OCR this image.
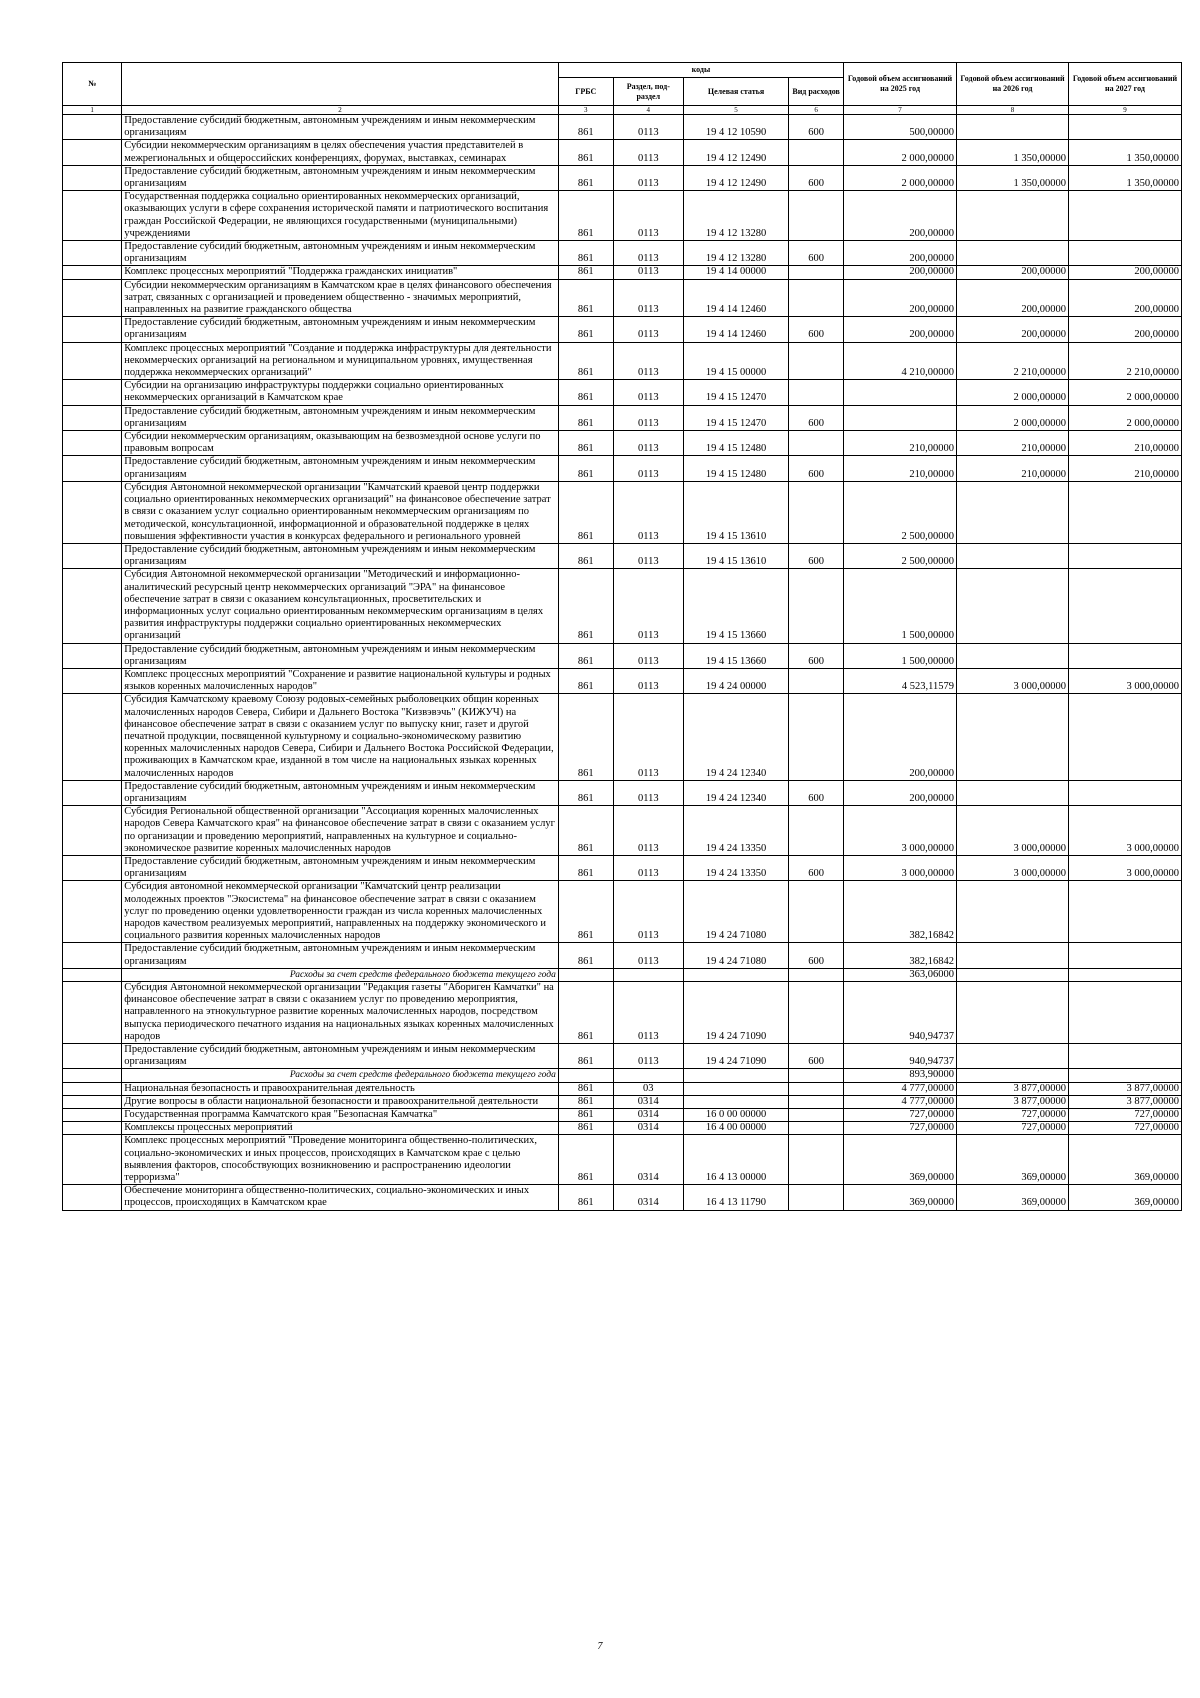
№		коды				Годовой объем ассигнований на 2025 год	Годовой объем ассигнований на 2026 год	Годовой объем ассигнований на 2027 год
		ГРБС	Раздел, под-раздел	Целевая статья	Вид расходов			
1	2	3	4	5	6	7	8	9
	Предоставление субсидий бюджетным, автономным учреждениям и иным некоммерческим организациям	861	0113	19 4 12 10590	600	500,00000		
	Субсидии некоммерческим организациям в целях обеспечения участия представителей в межрегиональных и общероссийских конференциях, форумах, выставках, семинарах	861	0113	19 4 12 12490		2 000,00000	1 350,00000	1 350,00000
	Предоставление субсидий бюджетным, автономным учреждениям и иным некоммерческим организациям	861	0113	19 4 12 12490	600	2 000,00000	1 350,00000	1 350,00000
	Государственная поддержка социально ориентированных некоммерческих организаций, оказывающих услуги в сфере сохранения исторической памяти и патриотического воспитания граждан Российской Федерации, не являющихся государственными (муниципальными) учреждениями	861	0113	19 4 12 13280		200,00000		
	Предоставление субсидий бюджетным, автономным учреждениям и иным некоммерческим организациям	861	0113	19 4 12 13280	600	200,00000		
	Комплекс процессных мероприятий "Поддержка гражданских инициатив"	861	0113	19 4 14 00000		200,00000	200,00000	200,00000
	Субсидии некоммерческим организациям в Камчатском крае в целях финансового обеспечения затрат, связанных с организацией и проведением общественно - значимых мероприятий, направленных на развитие гражданского общества	861	0113	19 4 14 12460		200,00000	200,00000	200,00000
	Предоставление субсидий бюджетным, автономным учреждениям и иным некоммерческим организациям	861	0113	19 4 14 12460	600	200,00000	200,00000	200,00000
	Комплекс процессных мероприятий "Создание и поддержка инфраструктуры для деятельности некоммерческих организаций на региональном и муниципальном уровнях, имущественная поддержка некоммерческих организаций"	861	0113	19 4 15 00000		4 210,00000	2 210,00000	2 210,00000
	Субсидии на организацию инфраструктуры поддержки социально ориентированных некоммерческих организаций в Камчатском крае	861	0113	19 4 15 12470			2 000,00000	2 000,00000
	Предоставление субсидий бюджетным, автономным учреждениям и иным некоммерческим организациям	861	0113	19 4 15 12470	600		2 000,00000	2 000,00000
	Субсидии некоммерческим организациям, оказывающим на безвозмездной основе услуги по правовым вопросам	861	0113	19 4 15 12480		210,00000	210,00000	210,00000
	Предоставление субсидий бюджетным, автономным учреждениям и иным некоммерческим организациям	861	0113	19 4 15 12480	600	210,00000	210,00000	210,00000
	Субсидия Автономной некоммерческой организации "Камчатский краевой центр поддержки социально ориентированных некоммерческих организаций" на финансовое обеспечение затрат в связи с оказанием услуг социально ориентированным некоммерческим организациям по методической, консультационной, информационной и образовательной поддержке в целях повышения эффективности участия в конкурсах федерального и регионального уровней	861	0113	19 4 15 13610		2 500,00000		
	Предоставление субсидий бюджетным, автономным учреждениям и иным некоммерческим организациям	861	0113	19 4 15 13610	600	2 500,00000		
	Субсидия Автономной некоммерческой организации "Методический и информационно-аналитический ресурсный центр некоммерческих организаций "ЭРА" на финансовое обеспечение затрат в связи с оказанием консультационных, просветительских и информационных услуг социально ориентированным некоммерческим организациям в целях развития инфраструктуры поддержки социально ориентированных некоммерческих организаций	861	0113	19 4 15 13660		1 500,00000		
	Предоставление субсидий бюджетным, автономным учреждениям и иным некоммерческим организациям	861	0113	19 4 15 13660	600	1 500,00000		
	Комплекс процессных мероприятий "Сохранение и развитие национальной культуры и родных языков коренных малочисленных народов"	861	0113	19 4 24 00000		4 523,11579	3 000,00000	3 000,00000
	Субсидия Камчатскому краевому Союзу родовых-семейных рыболовецких общин коренных малочисленных народов Севера, Сибири и Дальнего Востока "Кизвэвэчь" (КИЖУЧ) на финансовое обеспечение затрат в связи с оказанием услуг по выпуску книг, газет и другой печатной продукции, посвященной культурному и социально-экономическому развитию коренных малочисленных народов Севера, Сибири и Дальнего Востока Российской Федерации, проживающих в Камчатском крае, изданной в том числе на национальных языках коренных малочисленных народов	861	0113	19 4 24 12340		200,00000		
	Предоставление субсидий бюджетным, автономным учреждениям и иным некоммерческим организациям	861	0113	19 4 24 12340	600	200,00000		
	Субсидия Региональной общественной организации "Ассоциация коренных малочисленных народов Севера Камчатского края" на финансовое обеспечение затрат в связи с оказанием услуг по организации и проведению мероприятий, направленных на культурное и социально-экономическое развитие коренных малочисленных народов	861	0113	19 4 24 13350		3 000,00000	3 000,00000	3 000,00000
	Предоставление субсидий бюджетным, автономным учреждениям и иным некоммерческим организациям	861	0113	19 4 24 13350	600	3 000,00000	3 000,00000	3 000,00000
	Субсидия автономной некоммерческой организации "Камчатский центр реализации молодежных проектов "Экосистема" на финансовое обеспечение затрат в связи с оказанием услуг по проведению оценки удовлетворенности граждан из числа коренных малочисленных народов качеством реализуемых мероприятий, направленных на поддержку экономического и социального развития коренных малочисленных народов	861	0113	19 4 24 71080		382,16842		
	Предоставление субсидий бюджетным, автономным учреждениям и иным некоммерческим организациям	861	0113	19 4 24 71080	600	382,16842		
	Расходы за счет средств федерального бюджета текущего года					363,06000		
	Субсидия Автономной некоммерческой организации "Редакция газеты "Абориген Камчатки" на финансовое обеспечение затрат в связи с оказанием услуг по проведению мероприятия, направленного на этнокультурное развитие коренных малочисленных народов, посредством выпуска периодического печатного издания на национальных языках коренных малочисленных народов	861	0113	19 4 24 71090		940,94737		
	Предоставление субсидий бюджетным, автономным учреждениям и иным некоммерческим организациям	861	0113	19 4 24 71090	600	940,94737		
	Расходы за счет средств федерального бюджета текущего года					893,90000		
	Национальная безопасность и правоохранительная деятельность	861	03			4 777,00000	3 877,00000	3 877,00000
	Другие вопросы в области национальной безопасности и правоохранительной деятельности	861	0314			4 777,00000	3 877,00000	3 877,00000
	Государственная программа Камчатского края "Безопасная Камчатка"	861	0314	16 0 00 00000		727,00000	727,00000	727,00000
	Комплексы процессных мероприятий	861	0314	16 4 00 00000		727,00000	727,00000	727,00000
	Комплекс процессных мероприятий "Проведение мониторинга общественно-политических, социально-экономических и иных процессов, происходящих в Камчатском крае с целью выявления факторов, способствующих возникновению и распространению идеологии терроризма"	861	0314	16 4 13 00000		369,00000	369,00000	369,00000
	Обеспечение мониторинга общественно-политических, социально-экономических и иных процессов, происходящих в Камчатском крае	861	0314	16 4 13 11790		369,00000	369,00000	369,00000
7
